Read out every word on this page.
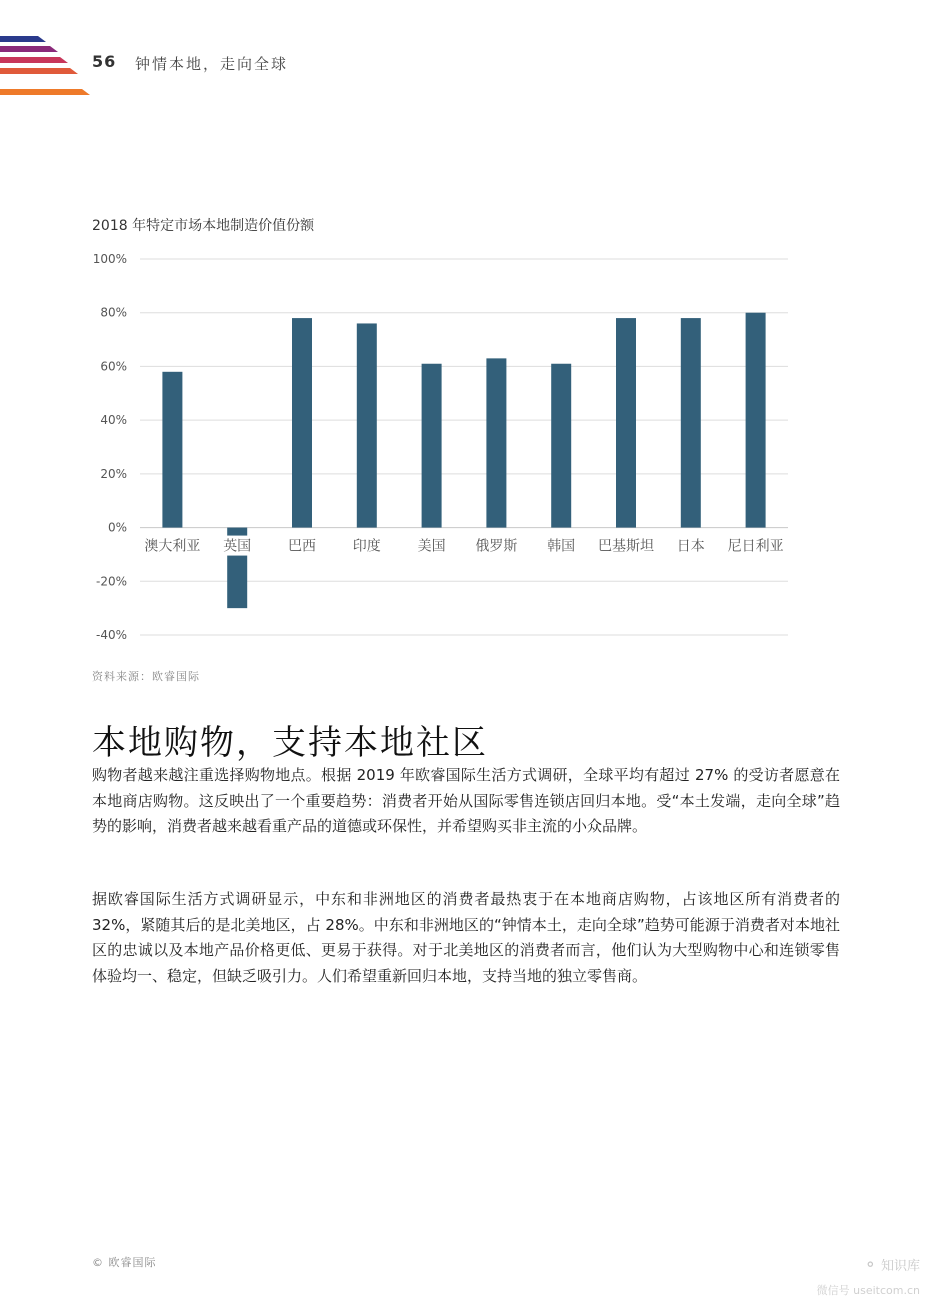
56 钟情本地，走向全球
2018 年特定市场本地制造价值份额
100%
80%
60%
40%
20%
0%
-20%
-40%
澳大利亚 英国	巴西	印度	美国 俄罗斯 韩国 巴基斯坦 日本 尼日利亚
资料来源：欧睿国际
本地购物，支持本地社区

购物者越来越注重选择购物地点。根据 2019 年欧睿国际生活方式调研，全球平均有超过 27% 的受访者愿意在本地商店购物。这反映出了一个重要趋势：消费者开始从国际零售连锁店回归本地。受“本土发端，走向全球”趋势的影响，消费者越来越看重产品的道德或环保性，并希望购买非主流的小众品牌。

据欧睿国际生活方式调研显示，中东和非洲地区的消费者最热衷于在本地商店购物，占该地区所有消费者的 32%，紧随其后的是北美地区，占 28%。中东和非洲地区的“钟情本土，走向全球”趋势可能源于消费者对本地社区的忠诚以及本地产品价格更低、更易于获得。对于北美地区的消费者而言，他们认为大型购物中心和连锁零售体验均一、稳定，但缺乏吸引力。人们希望重新回归本地，支持当地的独立零售商。

© 欧睿国际	⚬ 知识库
微信号 useitcom.cn
